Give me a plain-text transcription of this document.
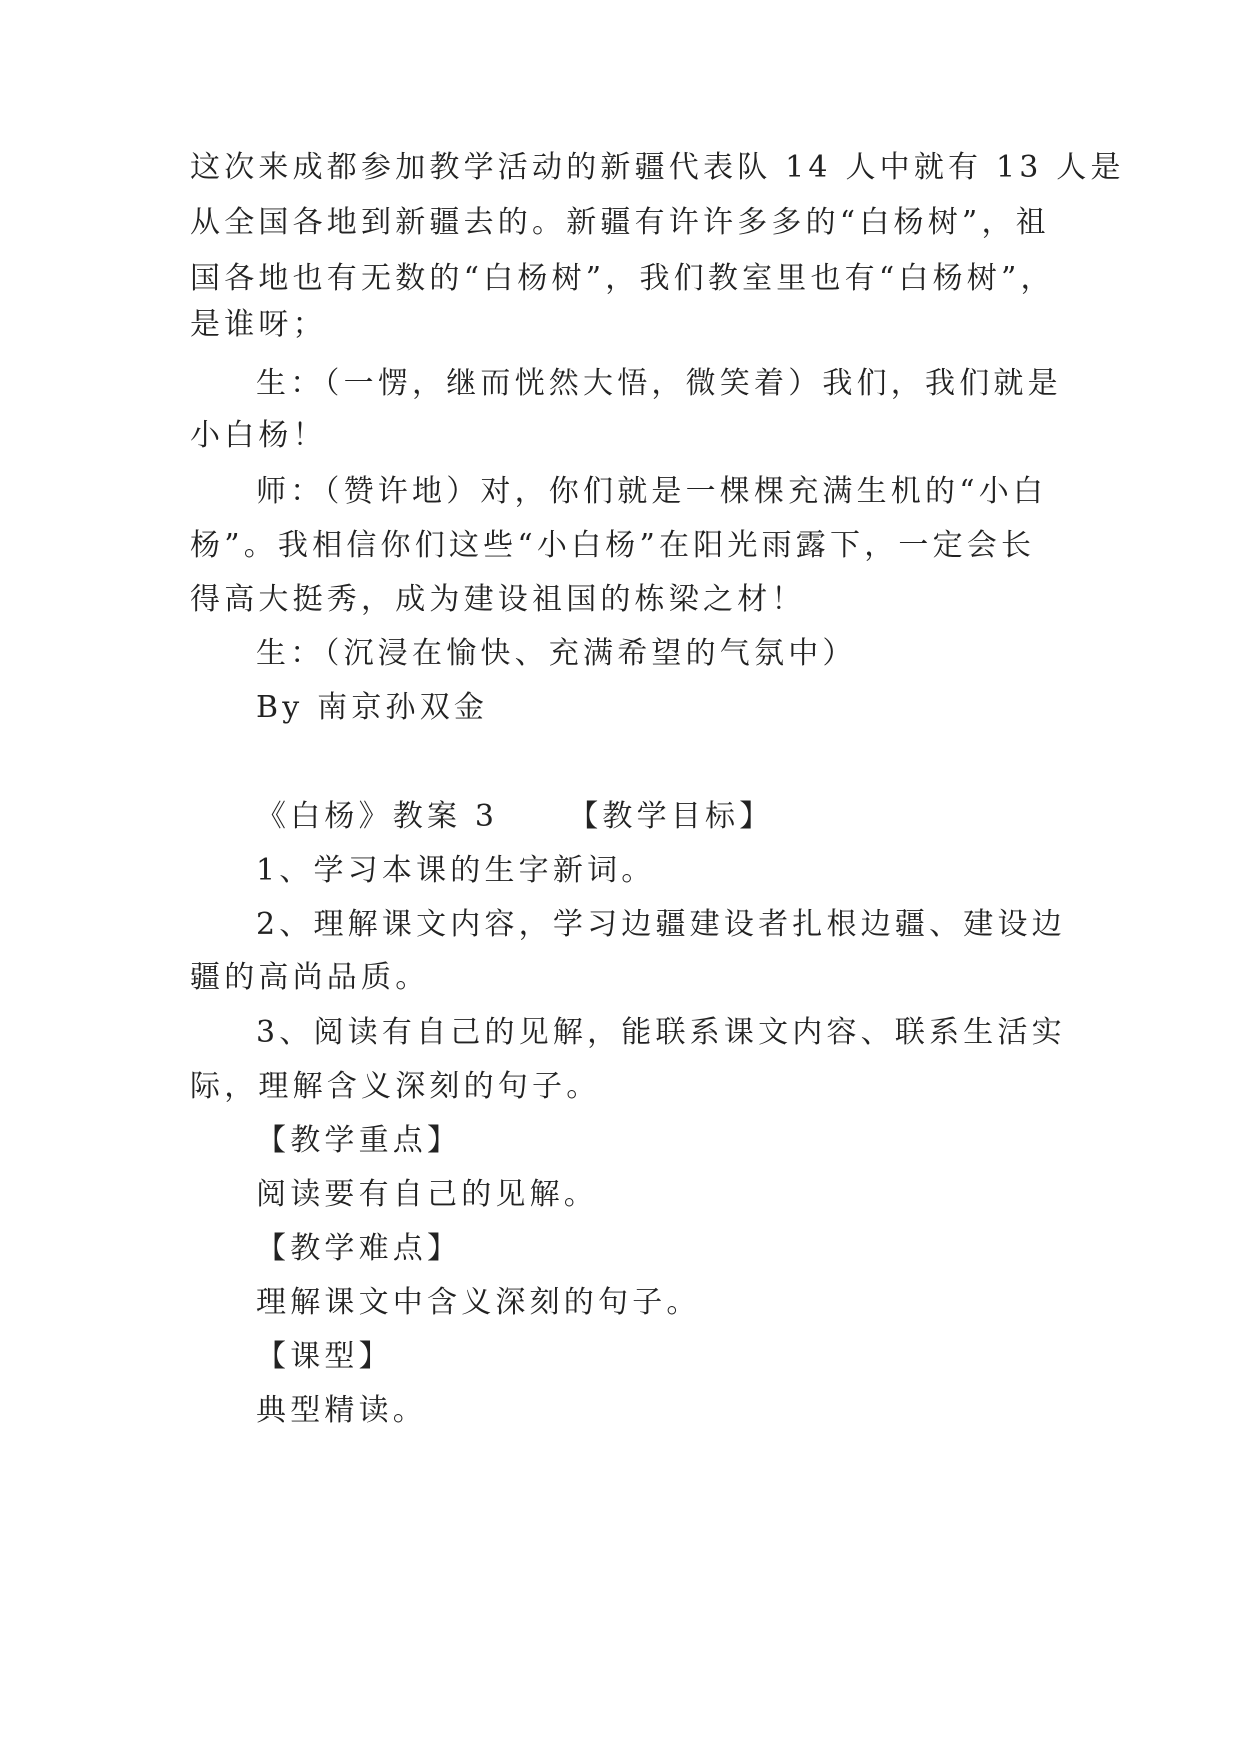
这次来成都参加教学活动的新疆代表队 14 人中就有 13 人是
从全国各地到新疆去的。新疆有许许多多的“白杨树”，祖
国各地也有无数的“白杨树”，我们教室里也有“白杨树”，
是谁呀；
生：（一愣，继而恍然大悟，微笑着）我们，我们就是
小白杨！
师：（赞许地）对，你们就是一棵棵充满生机的“小白
杨”。我相信你们这些“小白杨”在阳光雨露下，一定会长
得高大挺秀，成为建设祖国的栋梁之材！
生：（沉浸在愉快、充满希望的气氛中）
By 南京孙双金
《白杨》教案 3 【教学目标】
1、学习本课的生字新词。
2、理解课文内容，学习边疆建设者扎根边疆、建设边
疆的高尚品质。
3、阅读有自己的见解，能联系课文内容、联系生活实
际，理解含义深刻的句子。
【教学重点】
阅读要有自己的见解。
【教学难点】
理解课文中含义深刻的句子。
【课型】
典型精读。
